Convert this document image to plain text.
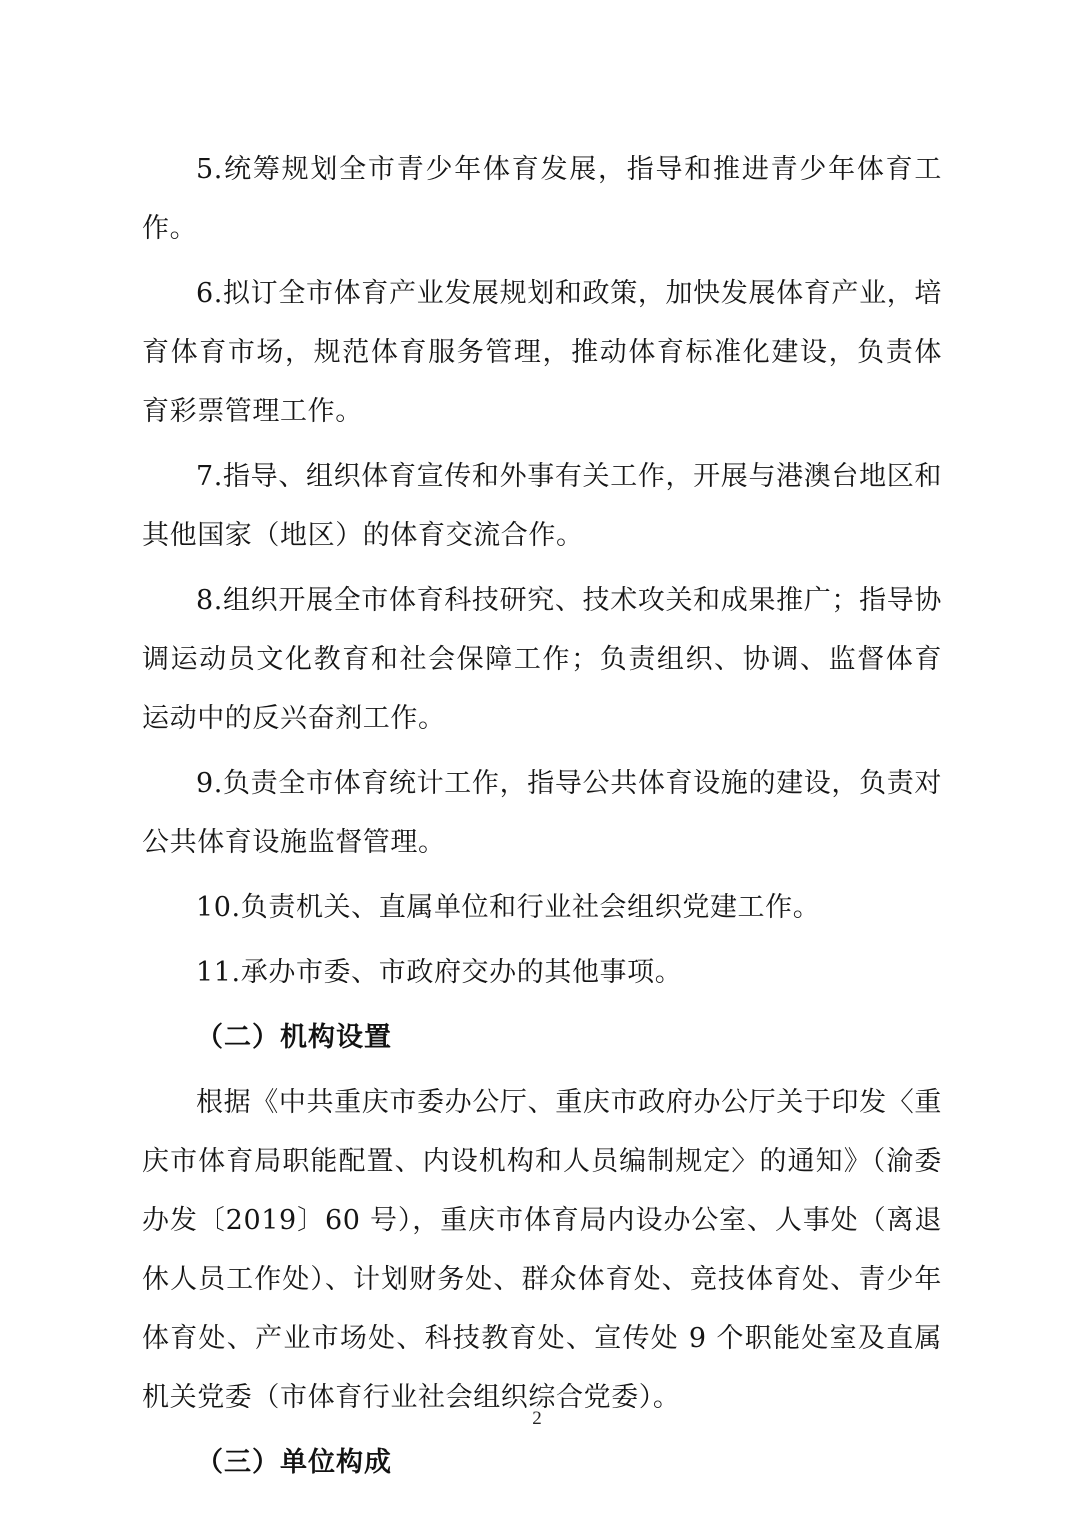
5.统筹规划全市青少年体育发展，指导和推进青少年体育工作。

6.拟订全市体育产业发展规划和政策，加快发展体育产业，培育体育市场，规范体育服务管理，推动体育标准化建设，负责体育彩票管理工作。

7.指导、组织体育宣传和外事有关工作，开展与港澳台地区和其他国家（地区）的体育交流合作。

8.组织开展全市体育科技研究、技术攻关和成果推广；指导协调运动员文化教育和社会保障工作；负责组织、协调、监督体育运动中的反兴奋剂工作。

9.负责全市体育统计工作，指导公共体育设施的建设，负责对公共体育设施监督管理。

10.负责机关、直属单位和行业社会组织党建工作。

11.承办市委、市政府交办的其他事项。

（二）机构设置

根据《中共重庆市委办公厅、重庆市政府办公厅关于印发〈重庆市体育局职能配置、内设机构和人员编制规定〉的通知》（渝委办发〔2019〕60 号），重庆市体育局内设办公室、人事处（离退休人员工作处）、计划财务处、群众体育处、竞技体育处、青少年体育处、产业市场处、科技教育处、宣传处 9 个职能处室及直属机关党委（市体育行业社会组织综合党委）。

（三）单位构成

2
